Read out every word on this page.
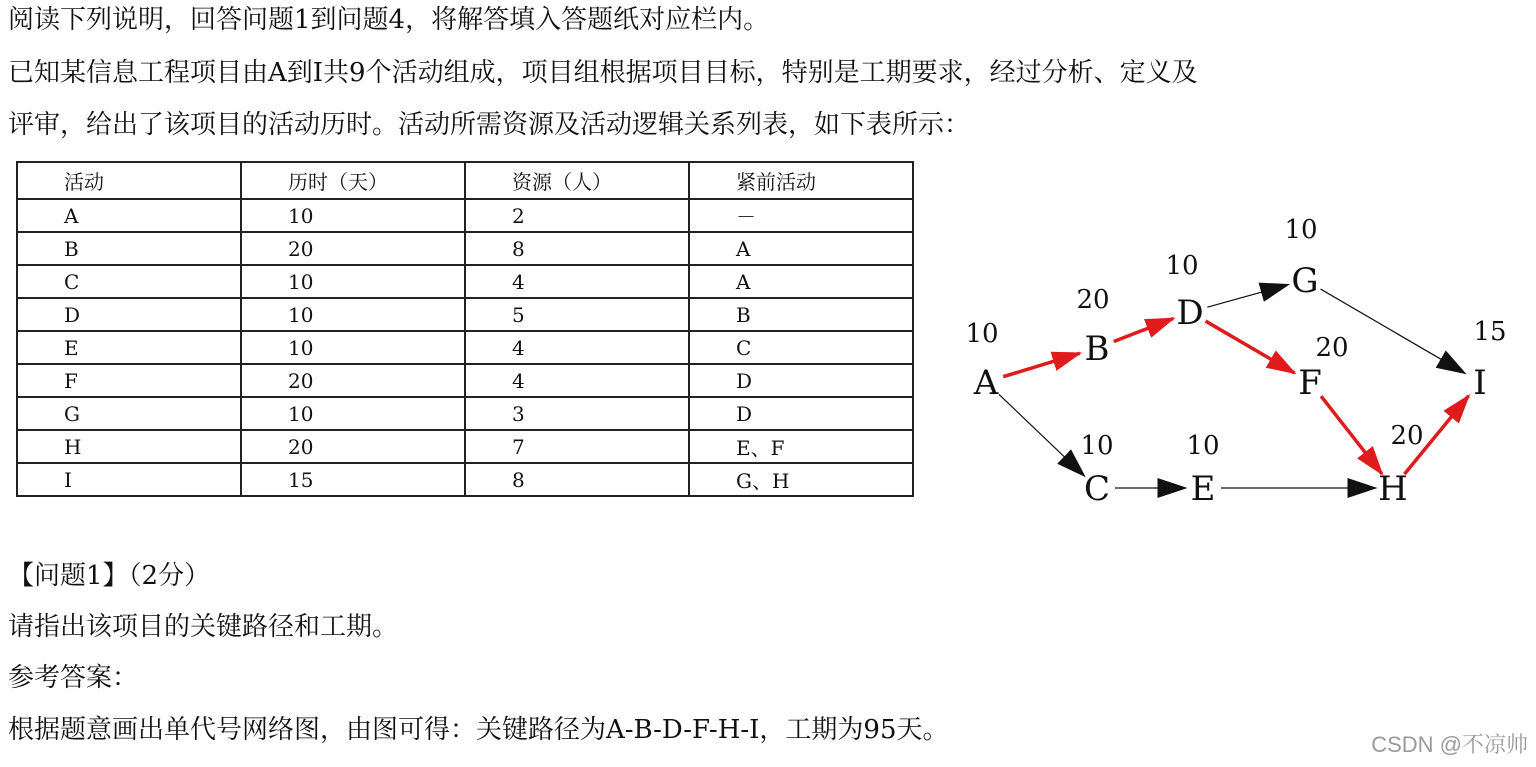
阅读下列说明，回答问题1到问题4，将解答填入答题纸对应栏内。
已知某信息工程项目由A到I共9个活动组成，项目组根据项目目标，特别是工期要求，经过分析、定义及
评审，给出了该项目的活动历时。活动所需资源及活动逻辑关系列表，如下表所示：
活动	历时（天）	资源（人）	紧前活动
A	10	2	－
B	20	8	A
C	10	4	A
D	10	5	B
E	10	4	C
F	20	4	D
G	10	3	D
H	20	7	E、F
I	15	8	G、H
A
10	B
20
C
10
D
10
E
10
F
20
G
10
H
20
I
15
【问题1】（2分）
请指出该项目的关键路径和工期。
参考答案：
根据题意画出单代号网络图，由图可得：关键路径为A-B-D-F-H-I，工期为95天。	CSDN @不凉帅
